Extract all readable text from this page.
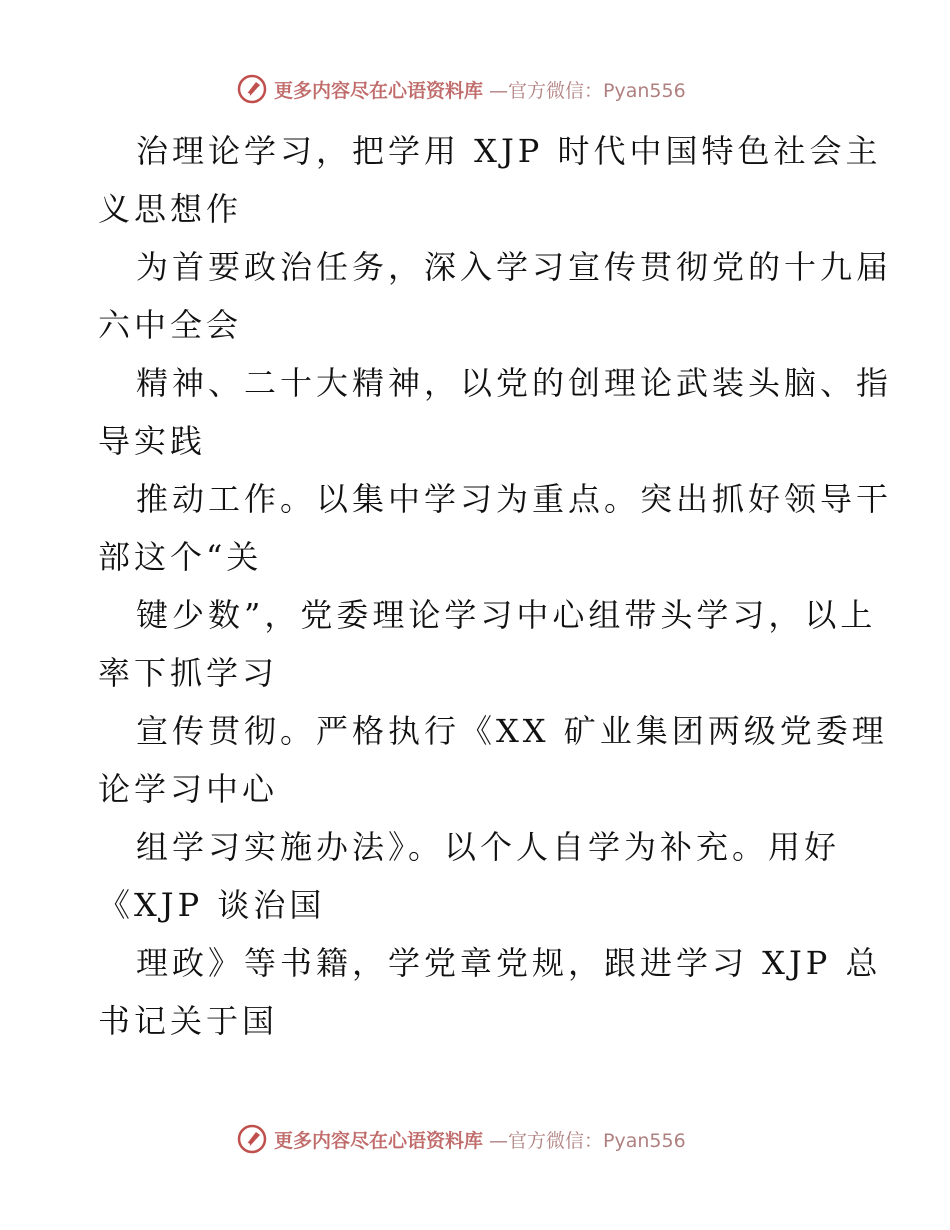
更多内容尽在心语资料库 —官方微信：Pyan556

治理论学习，把学用 XJP 时代中国特色社会主
义思想作

为首要政治任务，深入学习宣传贯彻党的十九届
六中全会

精神、二十大精神，以党的创理论武装头脑、指
导实践

推动工作。以集中学习为重点。突出抓好领导干
部这个“关

键少数”，党委理论学习中心组带头学习，以上
率下抓学习

宣传贯彻。严格执行《XX 矿业集团两级党委理
论学习中心

组学习实施办法》。以个人自学为补充。用好
《XJP 谈治国

理政》等书籍，学党章党规，跟进学习 XJP 总
书记关于国

更多内容尽在心语资料库 —官方微信：Pyan556
